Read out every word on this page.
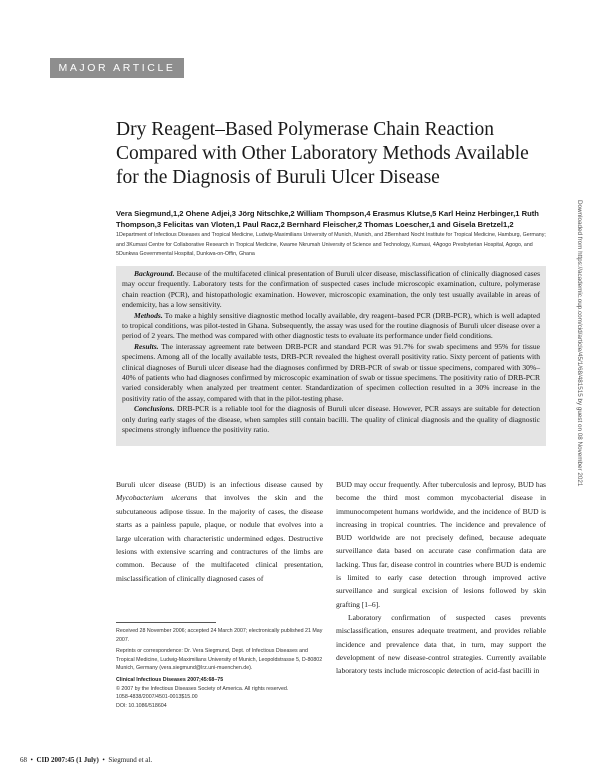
MAJOR ARTICLE
Dry Reagent–Based Polymerase Chain Reaction Compared with Other Laboratory Methods Available for the Diagnosis of Buruli Ulcer Disease
Vera Siegmund,1,2 Ohene Adjei,3 Jörg Nitschke,2 William Thompson,4 Erasmus Klutse,5 Karl Heinz Herbinger,1 Ruth Thompson,3 Felicitas van Vloten,1 Paul Racz,2 Bernhard Fleischer,2 Thomas Loescher,1 and Gisela Bretzel1,2
1Department of Infectious Diseases and Tropical Medicine, Ludwig-Maximilians University of Munich, Munich, and 2Bernhard Nocht Institute for Tropical Medicine, Hamburg, Germany; and 3Kumasi Centre for Collaborative Research in Tropical Medicine, Kwame Nkrumah University of Science and Technology, Kumasi, 4Agogo Presbyterian Hospital, Agogo, and 5Dunkwa Governmental Hospital, Dunkwa-on-Offin, Ghana

Background. Because of the multifaceted clinical presentation of Buruli ulcer disease, misclassification of clinically diagnosed cases may occur frequently. Laboratory tests for the confirmation of suspected cases include microscopic examination, culture, polymerase chain reaction (PCR), and histopathologic examination. However, microscopic examination, the only test usually available in areas of endemicity, has a low sensitivity.

Methods. To make a highly sensitive diagnostic method locally available, dry reagent–based PCR (DRB-PCR), which is well adapted to tropical conditions, was pilot-tested in Ghana. Subsequently, the assay was used for the routine diagnosis of Buruli ulcer disease over a period of 2 years. The method was compared with other diagnostic tests to evaluate its performance under field conditions.

Results. The interassay agreement rate between DRB-PCR and standard PCR was 91.7% for swab specimens and 95% for tissue specimens. Among all of the locally available tests, DRB-PCR revealed the highest overall positivity ratio. Sixty percent of patients with clinical diagnoses of Buruli ulcer disease had the diagnoses confirmed by DRB-PCR of swab or tissue specimens, compared with 30%–40% of patients who had diagnoses confirmed by microscopic examination of swab or tissue specimens. The positivity ratio of DRB-PCR varied considerably when analyzed per treatment center. Standardization of specimen collection resulted in a 30% increase in the positivity ratio of the assay, compared with that in the pilot-testing phase.

Conclusions. DRB-PCR is a reliable tool for the diagnosis of Buruli ulcer disease. However, PCR assays are suitable for detection only during early stages of the disease, when samples still contain bacilli. The quality of clinical diagnosis and the quality of diagnostic specimens strongly influence the positivity ratio.

Buruli ulcer disease (BUD) is an infectious disease caused by Mycobacterium ulcerans that involves the skin and the subcutaneous adipose tissue. In the majority of cases, the disease starts as a painless papule, plaque, or nodule that evolves into a large ulceration with characteristic undermined edges. Destructive lesions with extensive scarring and contractures of the limbs are common. Because of the multifaceted clinical presentation, misclassification of clinically diagnosed cases of

BUD may occur frequently. After tuberculosis and leprosy, BUD has become the third most common mycobacterial disease in immunocompetent humans worldwide, and the incidence of BUD is increasing in tropical countries. The incidence and prevalence of BUD worldwide are not precisely defined, because adequate surveillance data based on accurate case confirmation data are lacking. Thus far, disease control in countries where BUD is endemic is limited to early case detection through improved active surveillance and surgical excision of lesions followed by skin grafting [1–6].

Laboratory confirmation of suspected cases prevents misclassification, ensures adequate treatment, and provides reliable incidence and prevalence data that, in turn, may support the development of new disease-control strategies. Currently available laboratory tests include microscopic detection of acid-fast bacilli in

Received 28 November 2006; accepted 24 March 2007; electronically published 21 May 2007.

Reprints or correspondence: Dr. Vera Siegmund, Dept. of Infectious Diseases and Tropical Medicine, Ludwig-Maximilians University of Munich, Leopoldstrasse 5, D-80802 Munich, Germany (vera.siegmund@lrz.uni-muenchen.de).

Clinical Infectious Diseases 2007;45:68–75

© 2007 by the Infectious Diseases Society of America. All rights reserved.

1058-4838/2007/4501-0013$15.00

DOI: 10.1086/518604

68  •  CID 2007:45 (1 July)  •  Siegmund et al.
Downloaded from https://academic.oup.com/cid/article/45/1/68/481515 by guest on 08 November 2021
